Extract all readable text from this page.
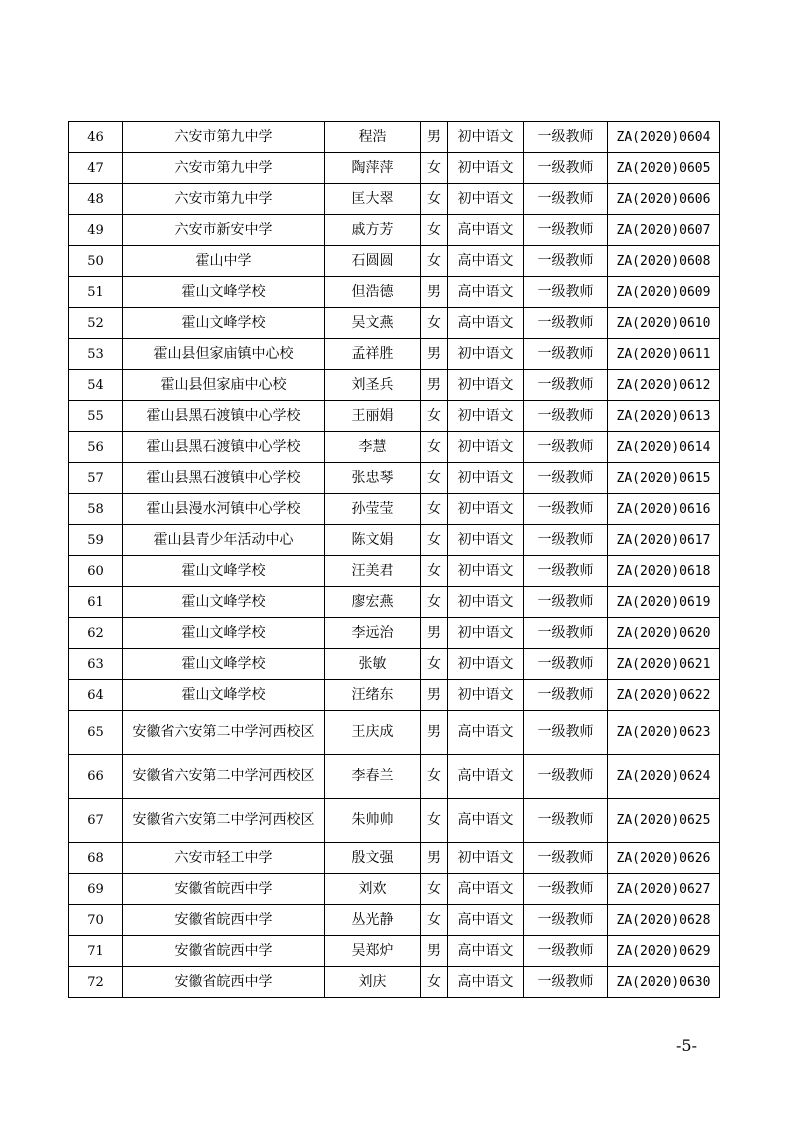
46	六安市第九中学	程浩	男	初中语文	一级教师	ZA(2020)0604
47	六安市第九中学	陶萍萍	女	初中语文	一级教师	ZA(2020)0605
48	六安市第九中学	匡大翠	女	初中语文	一级教师	ZA(2020)0606
49	六安市新安中学	戚方芳	女	高中语文	一级教师	ZA(2020)0607
50	霍山中学	石圆圆	女	高中语文	一级教师	ZA(2020)0608
51	霍山文峰学校	但浩德	男	高中语文	一级教师	ZA(2020)0609
52	霍山文峰学校	吴文燕	女	高中语文	一级教师	ZA(2020)0610
53	霍山县但家庙镇中心校	孟祥胜	男	初中语文	一级教师	ZA(2020)0611
54	霍山县但家庙中心校	刘圣兵	男	初中语文	一级教师	ZA(2020)0612
55	霍山县黑石渡镇中心学校	王丽娟	女	初中语文	一级教师	ZA(2020)0613
56	霍山县黑石渡镇中心学校	李慧	女	初中语文	一级教师	ZA(2020)0614
57	霍山县黑石渡镇中心学校	张忠琴	女	初中语文	一级教师	ZA(2020)0615
58	霍山县漫水河镇中心学校	孙莹莹	女	初中语文	一级教师	ZA(2020)0616
59	霍山县青少年活动中心	陈文娟	女	初中语文	一级教师	ZA(2020)0617
60	霍山文峰学校	汪美君	女	初中语文	一级教师	ZA(2020)0618
61	霍山文峰学校	廖宏燕	女	初中语文	一级教师	ZA(2020)0619
62	霍山文峰学校	李远治	男	初中语文	一级教师	ZA(2020)0620
63	霍山文峰学校	张敏	女	初中语文	一级教师	ZA(2020)0621
64	霍山文峰学校	汪绪东	男	初中语文	一级教师	ZA(2020)0622
65	安徽省六安第二中学河西校区	王庆成	男	高中语文	一级教师	ZA(2020)0623
66	安徽省六安第二中学河西校区	李春兰	女	高中语文	一级教师	ZA(2020)0624
67	安徽省六安第二中学河西校区	朱帅帅	女	高中语文	一级教师	ZA(2020)0625
68	六安市轻工中学	殷文强	男	初中语文	一级教师	ZA(2020)0626
69	安徽省皖西中学	刘欢	女	高中语文	一级教师	ZA(2020)0627
70	安徽省皖西中学	丛光静	女	高中语文	一级教师	ZA(2020)0628
71	安徽省皖西中学	吴郑炉	男	高中语文	一级教师	ZA(2020)0629
72	安徽省皖西中学	刘庆	女	高中语文	一级教师	ZA(2020)0630
-5-
